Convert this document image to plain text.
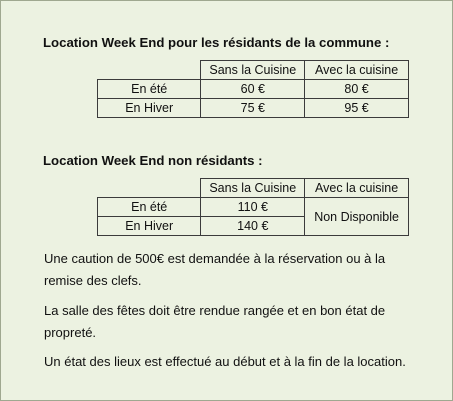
Location Week End pour les résidants de la commune :
	Sans la Cuisine	Avec la cuisine
En été	60 €	80 €
En Hiver	75 €	95 €
Location Week End non résidants :
	Sans la Cuisine	Avec la cuisine
En été	110 €	Non Disponible
En Hiver	140 €	
Une caution de 500€ est demandée à la réservation ou à la
remise des clefs.
La salle des fêtes doit être rendue rangée et en bon état de
propreté.
Un état des lieux est effectué au début et à la fin de la location.
